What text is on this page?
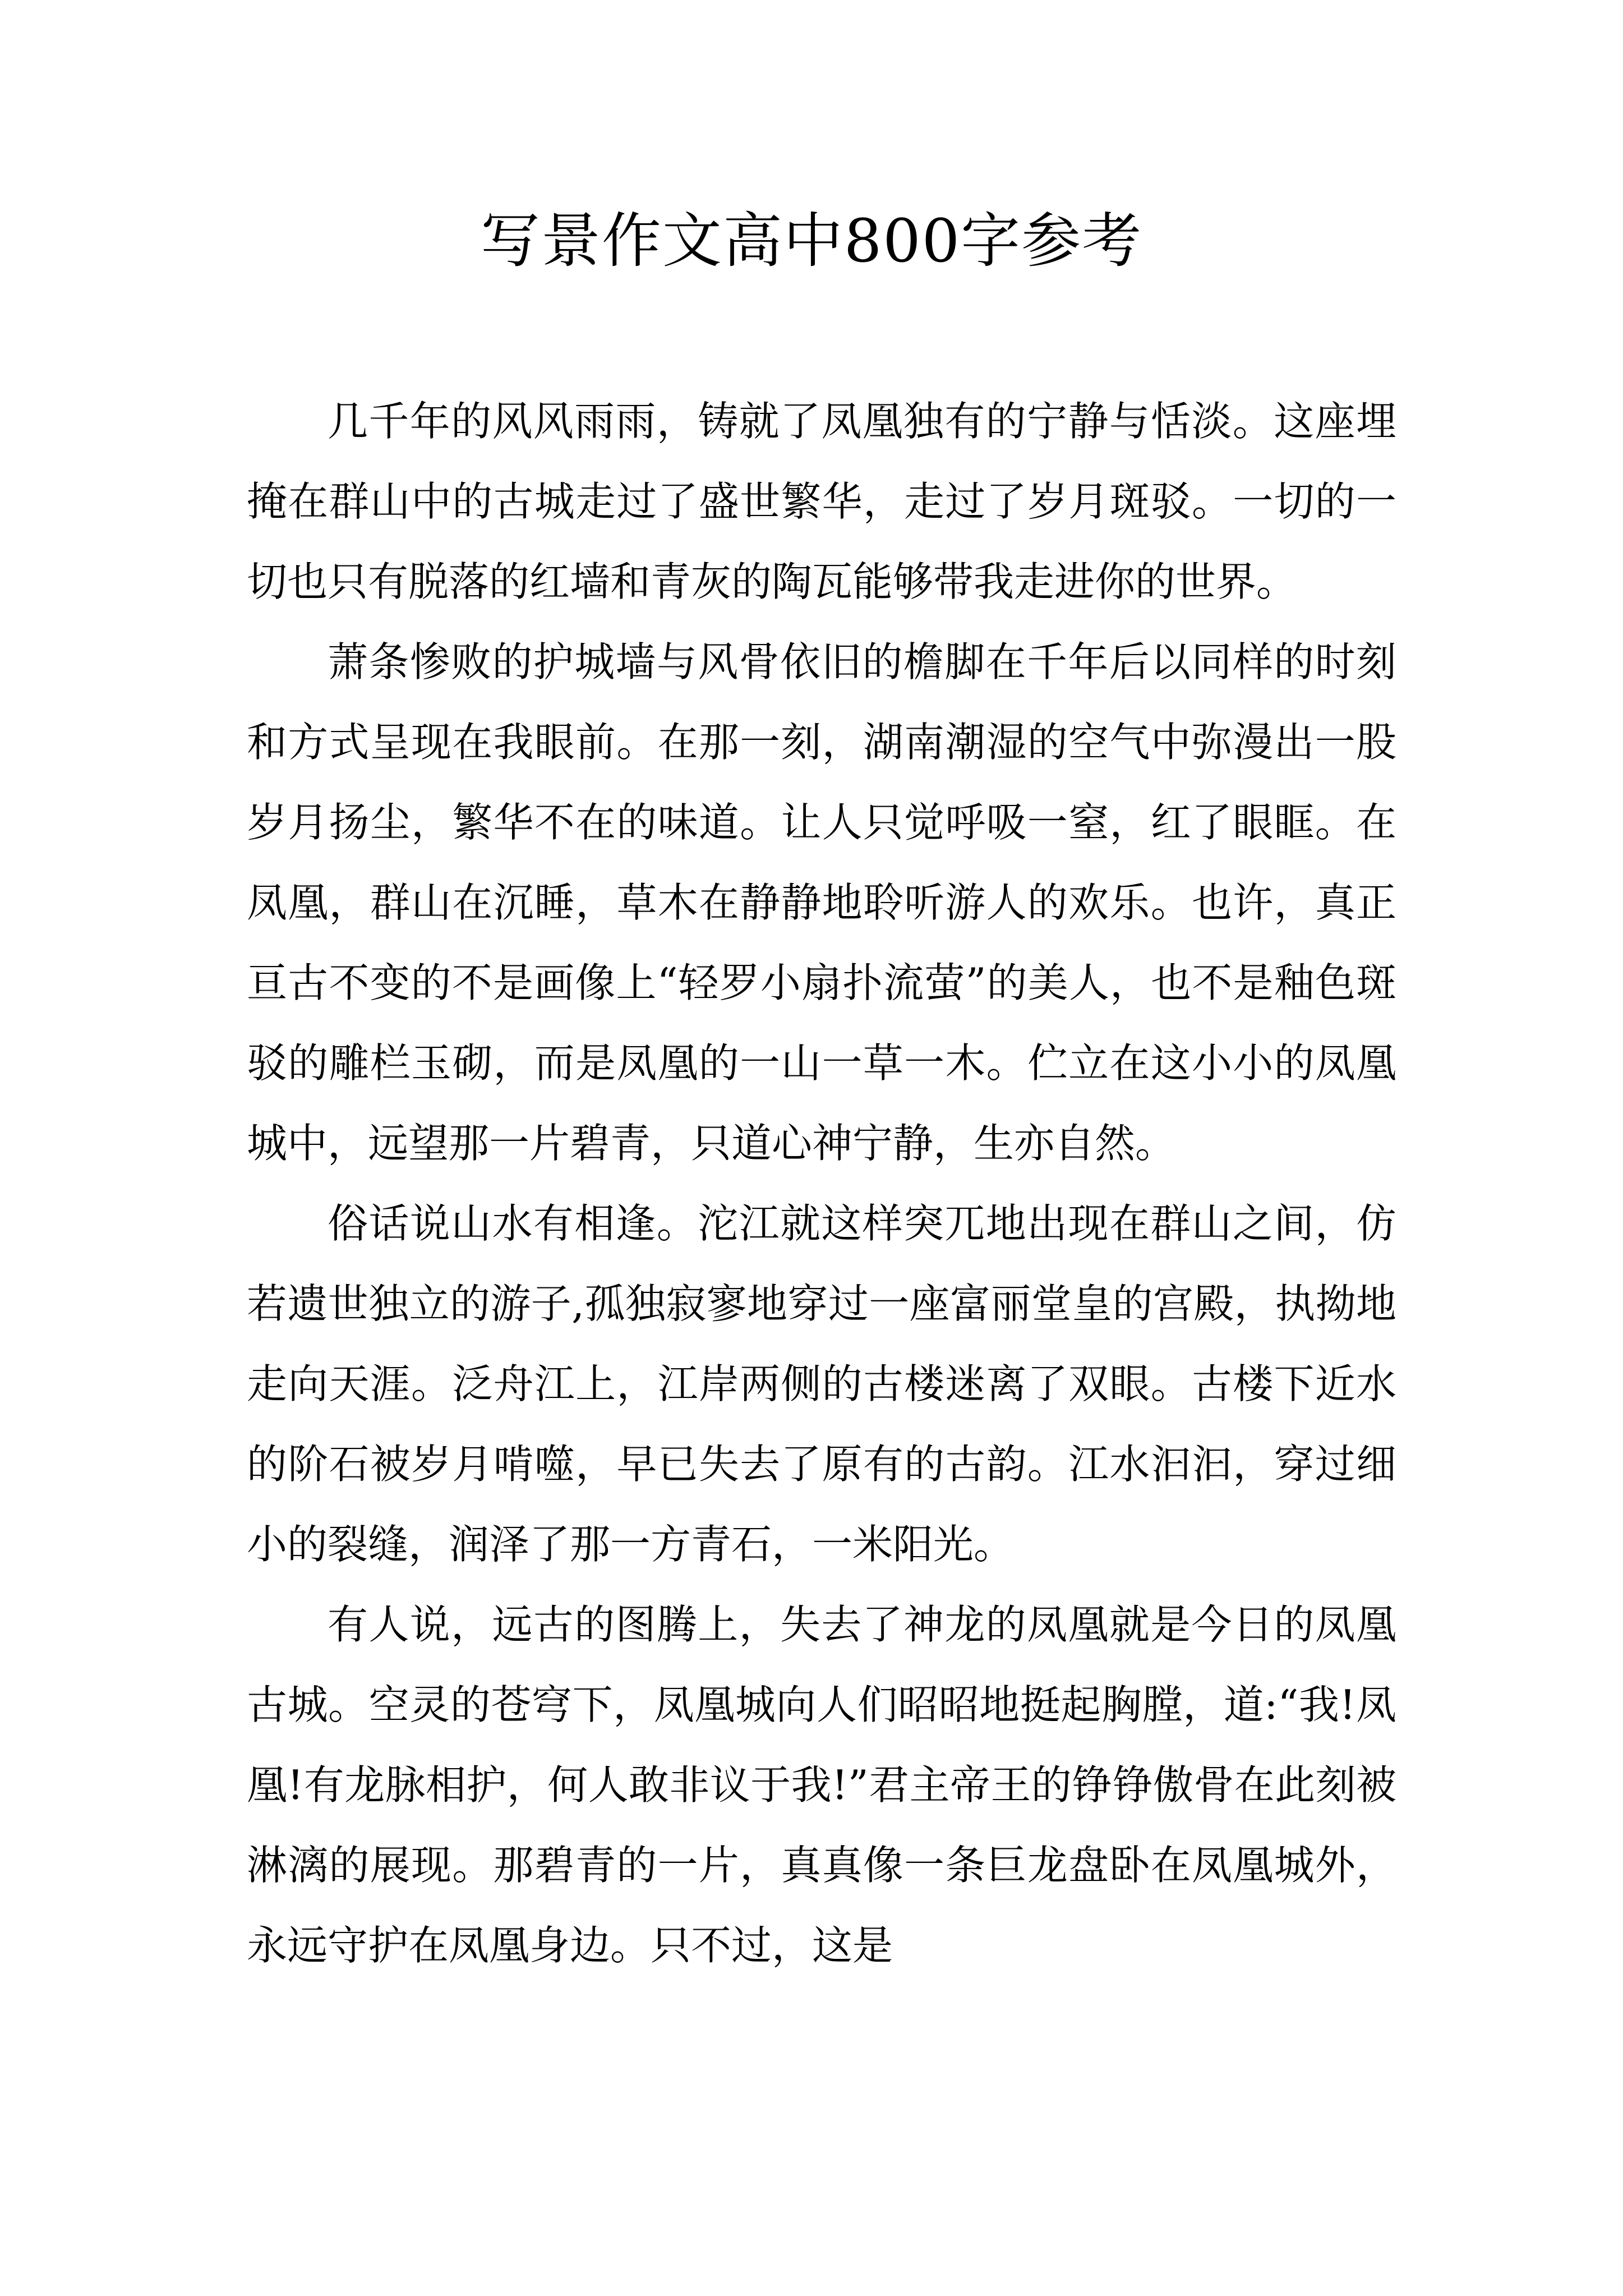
写景作文高中800字参考

几千年的风风雨雨，铸就了凤凰独有的宁静与恬淡。这座埋掩在群山中的古城走过了盛世繁华，走过了岁月斑驳。一切的一切也只有脱落的红墙和青灰的陶瓦能够带我走进你的世界。

萧条惨败的护城墙与风骨依旧的檐脚在千年后以同样的时刻和方式呈现在我眼前。在那一刻，湖南潮湿的空气中弥漫出一股岁月扬尘，繁华不在的味道。让人只觉呼吸一窒，红了眼眶。在凤凰，群山在沉睡，草木在静静地聆听游人的欢乐。也许，真正亘古不变的不是画像上“轻罗小扇扑流萤”的美人，也不是釉色斑驳的雕栏玉砌，而是凤凰的一山一草一木。伫立在这小小的凤凰城中，远望那一片碧青，只道心神宁静，生亦自然。

俗话说山水有相逢。沱江就这样突兀地出现在群山之间，仿若遗世独立的游子,孤独寂寥地穿过一座富丽堂皇的宫殿，执拗地走向天涯。泛舟江上，江岸两侧的古楼迷离了双眼。古楼下近水的阶石被岁月啃噬，早已失去了原有的古韵。江水汩汩，穿过细小的裂缝，润泽了那一方青石，一米阳光。

有人说，远古的图腾上，失去了神龙的凤凰就是今日的凤凰古城。空灵的苍穹下，凤凰城向人们昭昭地挺起胸膛，道:“我!凤凰!有龙脉相护，何人敢非议于我!”君主帝王的铮铮傲骨在此刻被淋漓的展现。那碧青的一片，真真像一条巨龙盘卧在凤凰城外，永远守护在凤凰身边。只不过，这是
